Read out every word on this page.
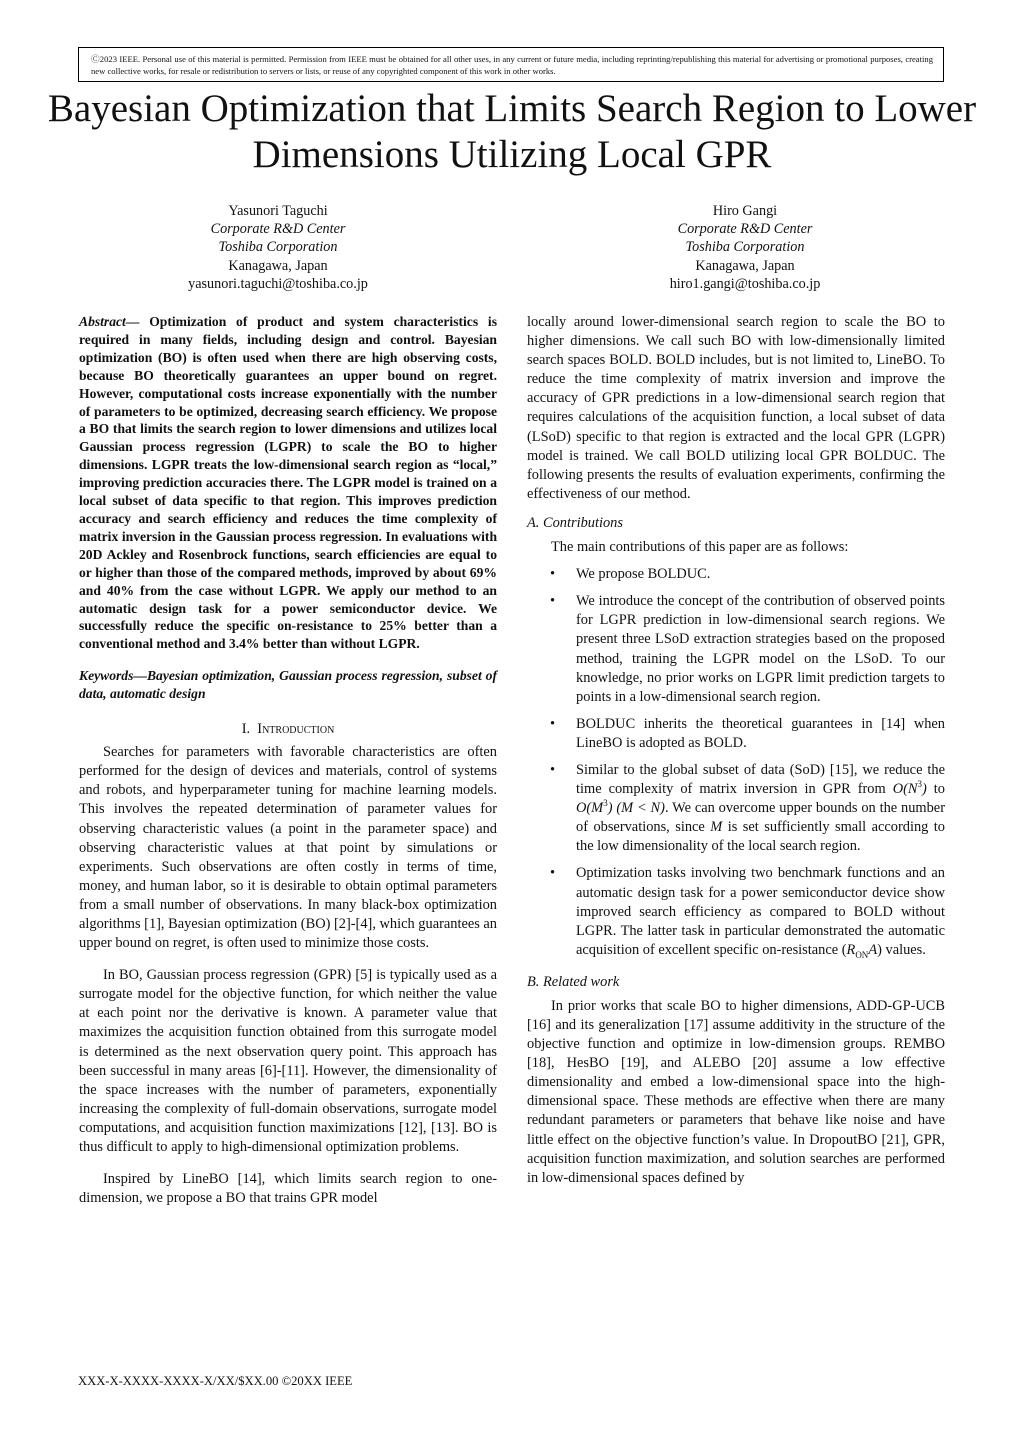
Ⓒ2023 IEEE. Personal use of this material is permitted. Permission from IEEE must be obtained for all other uses, in any current or future media, including reprinting/republishing this material for advertising or promotional purposes, creating new collective works, for resale or redistribution to servers or lists, or reuse of any copyrighted component of this work in other works.
Bayesian Optimization that Limits Search Region to Lower Dimensions Utilizing Local GPR
Yasunori Taguchi
Corporate R&D Center
Toshiba Corporation
Kanagawa, Japan
yasunori.taguchi@toshiba.co.jp
Hiro Gangi
Corporate R&D Center
Toshiba Corporation
Kanagawa, Japan
hiro1.gangi@toshiba.co.jp

Abstract— Optimization of product and system characteristics is required in many fields, including design and control. Bayesian optimization (BO) is often used when there are high observing costs, because BO theoretically guarantees an upper bound on regret. However, computational costs increase exponentially with the number of parameters to be optimized, decreasing search efficiency. We propose a BO that limits the search region to lower dimensions and utilizes local Gaussian process regression (LGPR) to scale the BO to higher dimensions. LGPR treats the low-dimensional search region as “local,” improving prediction accuracies there. The LGPR model is trained on a local subset of data specific to that region. This improves prediction accuracy and search efficiency and reduces the time complexity of matrix inversion in the Gaussian process regression. In evaluations with 20D Ackley and Rosenbrock functions, search efficiencies are equal to or higher than those of the compared methods, improved by about 69% and 40% from the case without LGPR. We apply our method to an automatic design task for a power semiconductor device. We successfully reduce the specific on-resistance to 25% better than a conventional method and 3.4% better than without LGPR.

Keywords—Bayesian optimization, Gaussian process regression, subset of data, automatic design

I. Introduction

Searches for parameters with favorable characteristics are often performed for the design of devices and materials, control of systems and robots, and hyperparameter tuning for machine learning models. This involves the repeated determination of parameter values for observing characteristic values (a point in the parameter space) and observing characteristic values at that point by simulations or experiments. Such observations are often costly in terms of time, money, and human labor, so it is desirable to obtain optimal parameters from a small number of observations. In many black-box optimization algorithms [1], Bayesian optimization (BO) [2]-[4], which guarantees an upper bound on regret, is often used to minimize those costs.

In BO, Gaussian process regression (GPR) [5] is typically used as a surrogate model for the objective function, for which neither the value at each point nor the derivative is known. A parameter value that maximizes the acquisition function obtained from this surrogate model is determined as the next observation query point. This approach has been successful in many areas [6]-[11]. However, the dimensionality of the space increases with the number of parameters, exponentially increasing the complexity of full-domain observations, surrogate model computations, and acquisition function maximizations [12], [13]. BO is thus difficult to apply to high-dimensional optimization problems.

Inspired by LineBO [14], which limits search region to one-dimension, we propose a BO that trains GPR model

locally around lower-dimensional search region to scale the BO to higher dimensions. We call such BO with low-dimensionally limited search spaces BOLD. BOLD includes, but is not limited to, LineBO. To reduce the time complexity of matrix inversion and improve the accuracy of GPR predictions in a low-dimensional search region that requires calculations of the acquisition function, a local subset of data (LSoD) specific to that region is extracted and the local GPR (LGPR) model is trained. We call BOLD utilizing local GPR BOLDUC. The following presents the results of evaluation experiments, confirming the effectiveness of our method.

A. Contributions

The main contributions of this paper are as follows:

• We propose BOLDUC.
• We introduce the concept of the contribution of observed points for LGPR prediction in low-dimensional search regions. We present three LSoD extraction strategies based on the proposed method, training the LGPR model on the LSoD. To our knowledge, no prior works on LGPR limit prediction targets to points in a low-dimensional search region.
• BOLDUC inherits the theoretical guarantees in [14] when LineBO is adopted as BOLD.
• Similar to the global subset of data (SoD) [15], we reduce the time complexity of matrix inversion in GPR from $O(N^3)$ to $O(M^3) (M < N)$. We can overcome upper bounds on the number of observations, since M is set sufficiently small according to the low dimensionality of the local search region.
• Optimization tasks involving two benchmark functions and an automatic design task for a power semiconductor device show improved search efficiency as compared to BOLD without LGPR. The latter task in particular demonstrated the automatic acquisition of excellent specific on-resistance $(R_{ON}A)$ values.

B. Related work

In prior works that scale BO to higher dimensions, ADD-GP-UCB [16] and its generalization [17] assume additivity in the structure of the objective function and optimize in low-dimension groups. REMBO [18], HesBO [19], and ALEBO [20] assume a low effective dimensionality and embed a low-dimensional space into the high-dimensional space. These methods are effective when there are many redundant parameters or parameters that behave like noise and have little effect on the objective function’s value. In DropoutBO [21], GPR, acquisition function maximization, and solution searches are performed in low-dimensional spaces defined by

XXX-X-XXXX-XXXX-X/XX/$XX.00 ©20XX IEEE
